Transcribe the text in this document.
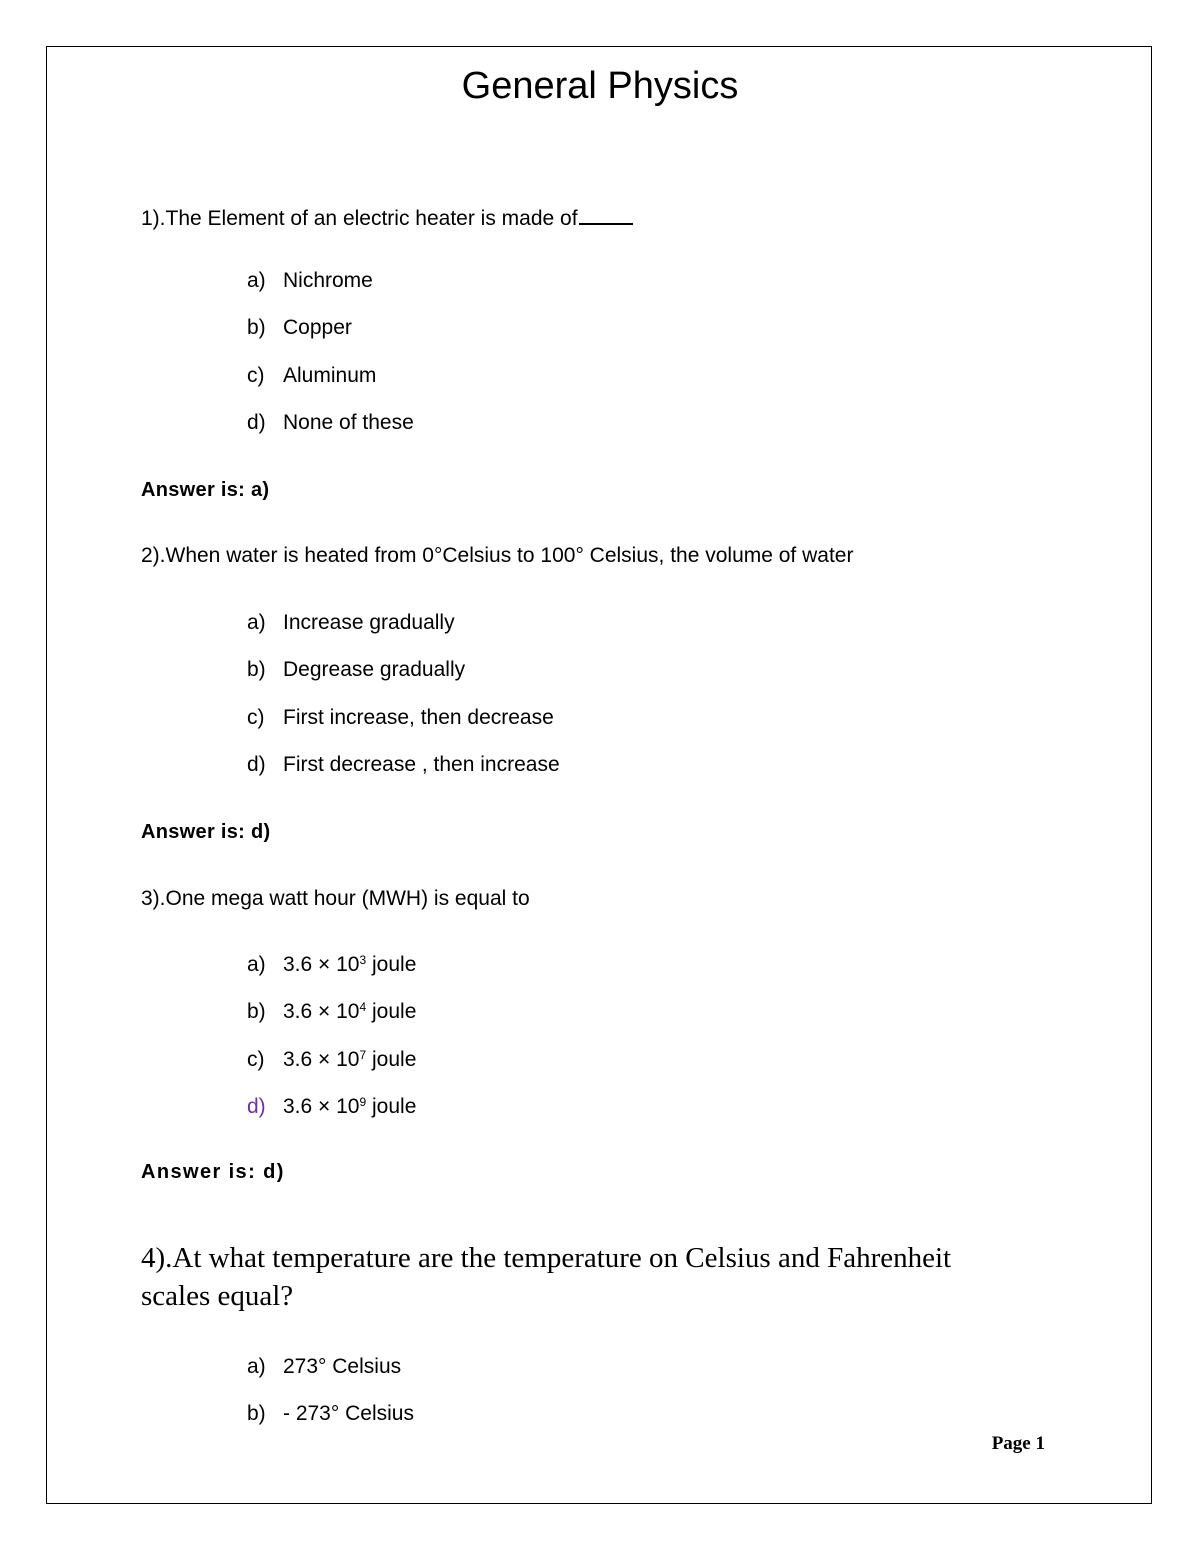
General Physics
1).The Element of an electric heater is made of
a) Nichrome
b) Copper
c) Aluminum
d) None of these
Answer is: a)
2).When water is heated from 0°Celsius to 100° Celsius, the volume of water
a) Increase gradually
b) Degrease gradually
c) First increase, then decrease
d) First decrease , then increase
Answer is: d)
3).One mega watt hour (MWH) is equal to
a) $3.6 \times 10^3$ joule
b) $3.6 \times 10^4$ joule
c) $3.6 \times 10^7$ joule
d) $3.6 \times 10^9$ joule
Answer is: d)
4).At what temperature are the temperature on Celsius and Fahrenheit scales equal?
a) 273° Celsius
b) - 273° Celsius
Page 1
